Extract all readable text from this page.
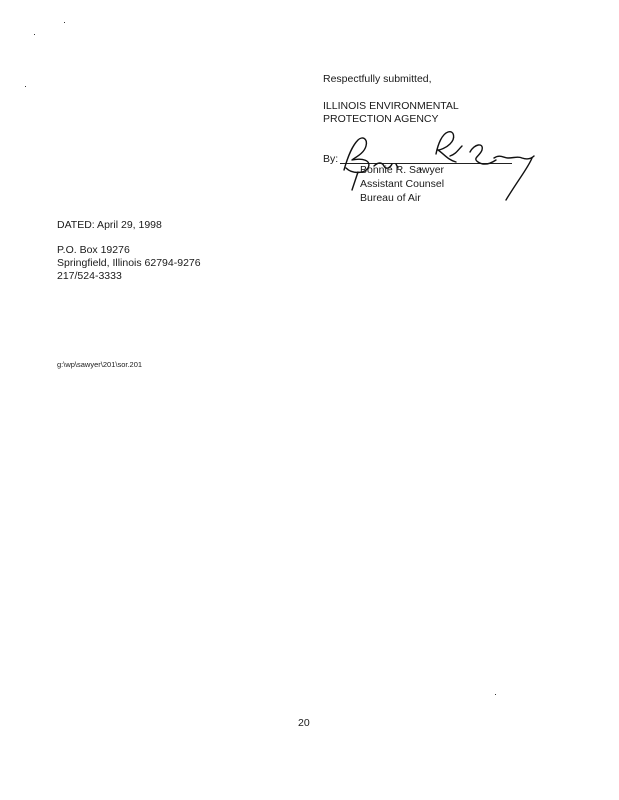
Respectfully submitted,
ILLINOIS ENVIRONMENTAL
PROTECTION AGENCY
By:
Bonnie R. Sawyer
Assistant Counsel
Bureau of Air
DATED: April 29, 1998
P.O. Box 19276
Springfield, Illinois 62794-9276
217/524-3333
g:\wp\sawyer\201\sor.201
20
